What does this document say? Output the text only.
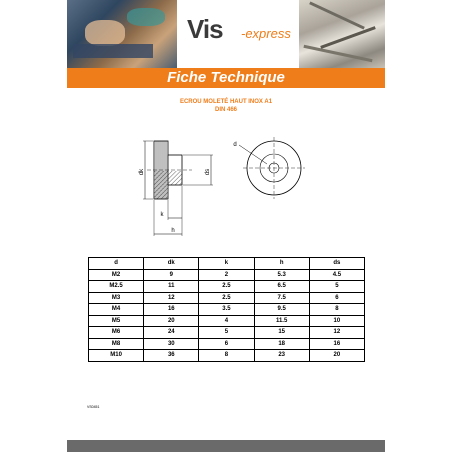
Vis -express
Fiche Technique
ECROU MOLETÉ HAUT INOX A1
DIN 466
dk	ds
k
h
d
d	dk	k	h	ds
M2	9	2	5.3	4.5
M2.5	11	2.5	6.5	5
M3	12	2.5	7.5	6
M4	16	3.5	9.5	8
M5	20	4	11.5	10
M6	24	5	15	12
M8	30	6	18	16
M10	36	8	23	20
VS0451
